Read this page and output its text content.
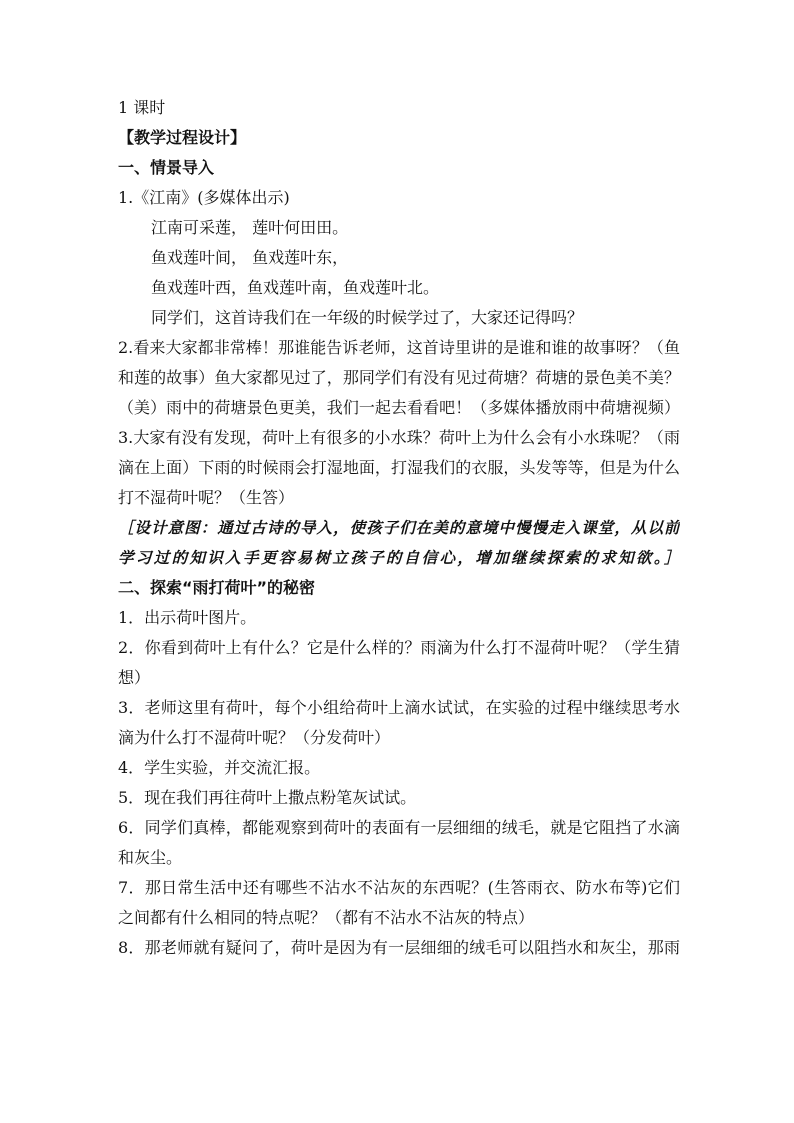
1 课时
【教学过程设计】
一、情景导入
1.《江南》(多媒体出示)
江南可采莲， 莲叶何田田。
鱼戏莲叶间， 鱼戏莲叶东，
鱼戏莲叶西，鱼戏莲叶南，鱼戏莲叶北。
同学们，这首诗我们在一年级的时候学过了，大家还记得吗？
2.看来大家都非常棒！那谁能告诉老师，这首诗里讲的是谁和谁的故事呀？（鱼
和莲的故事）鱼大家都见过了，那同学们有没有见过荷塘？荷塘的景色美不美？
（美）雨中的荷塘景色更美，我们一起去看看吧！（多媒体播放雨中荷塘视频）
3.大家有没有发现，荷叶上有很多的小水珠？荷叶上为什么会有小水珠呢？（雨
滴在上面）下雨的时候雨会打湿地面，打湿我们的衣服，头发等等，但是为什么
打不湿荷叶呢？（生答）
［设计意图：通过古诗的导入，使孩子们在美的意境中慢慢走入课堂，从以前
学习过的知识入手更容易树立孩子的自信心，增加继续探索的求知欲。］
二、探索“雨打荷叶”的秘密
1．出示荷叶图片。
2．你看到荷叶上有什么？它是什么样的？雨滴为什么打不湿荷叶呢？（学生猜
想）
3．老师这里有荷叶，每个小组给荷叶上滴水试试，在实验的过程中继续思考水
滴为什么打不湿荷叶呢？（分发荷叶）
4．学生实验，并交流汇报。
5．现在我们再往荷叶上撒点粉笔灰试试。
6．同学们真棒，都能观察到荷叶的表面有一层细细的绒毛，就是它阻挡了水滴
和灰尘。
7．那日常生活中还有哪些不沾水不沾灰的东西呢？(生答雨衣、防水布等)它们
之间都有什么相同的特点呢？（都有不沾水不沾灰的特点）
8．那老师就有疑问了，荷叶是因为有一层细细的绒毛可以阻挡水和灰尘，那雨
